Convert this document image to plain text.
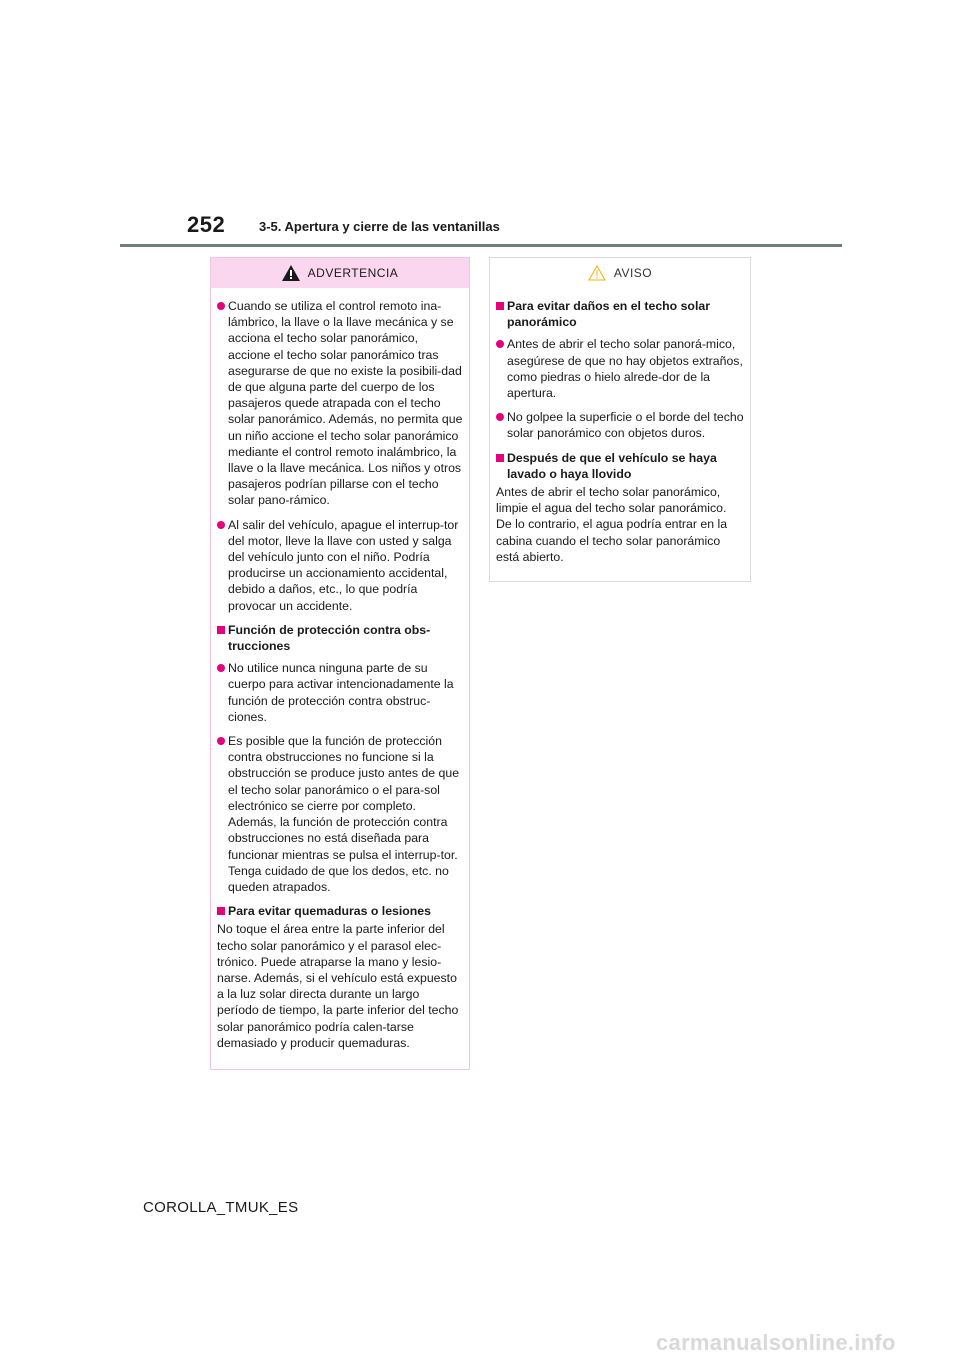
252	3-5. Apertura y cierre de las ventanillas
ADVERTENCIA
Cuando se utiliza el control remoto ina-lámbrico, la llave o la llave mecánica y se acciona el techo solar panorámico, accione el techo solar panorámico tras asegurarse de que no existe la posibili-dad de que alguna parte del cuerpo de los pasajeros quede atrapada con el techo solar panorámico. Además, no permita que un niño accione el techo solar panorámico mediante el control remoto inalámbrico, la llave o la llave mecánica. Los niños y otros pasajeros podrían pillarse con el techo solar pano-rámico.
Al salir del vehículo, apague el interrup-tor del motor, lleve la llave con usted y salga del vehículo junto con el niño. Podría producirse un accionamiento accidental, debido a daños, etc., lo que podría provocar un accidente.
Función de protección contra obs-trucciones
No utilice nunca ninguna parte de su cuerpo para activar intencionadamente la función de protección contra obstruc-ciones.
Es posible que la función de protección contra obstrucciones no funcione si la obstrucción se produce justo antes de que el techo solar panorámico o el para-sol electrónico se cierre por completo. Además, la función de protección contra obstrucciones no está diseñada para funcionar mientras se pulsa el interrup-tor. Tenga cuidado de que los dedos, etc. no queden atrapados.
Para evitar quemaduras o lesiones
No toque el área entre la parte inferior del techo solar panorámico y el parasol elec-trónico. Puede atraparse la mano y lesio-narse. Además, si el vehículo está expuesto a la luz solar directa durante un largo período de tiempo, la parte inferior del techo solar panorámico podría calen-tarse demasiado y producir quemaduras.
AVISO
Para evitar daños en el techo solar panorámico
Antes de abrir el techo solar panorá-mico, asegúrese de que no hay objetos extraños, como piedras o hielo alrede-dor de la apertura.
No golpee la superficie o el borde del techo solar panorámico con objetos duros.
Después de que el vehículo se haya lavado o haya llovido
Antes de abrir el techo solar panorámico, limpie el agua del techo solar panorámico. De lo contrario, el agua podría entrar en la cabina cuando el techo solar panorámico está abierto.
COROLLA_TMUK_ES
carmanualsonline.info
